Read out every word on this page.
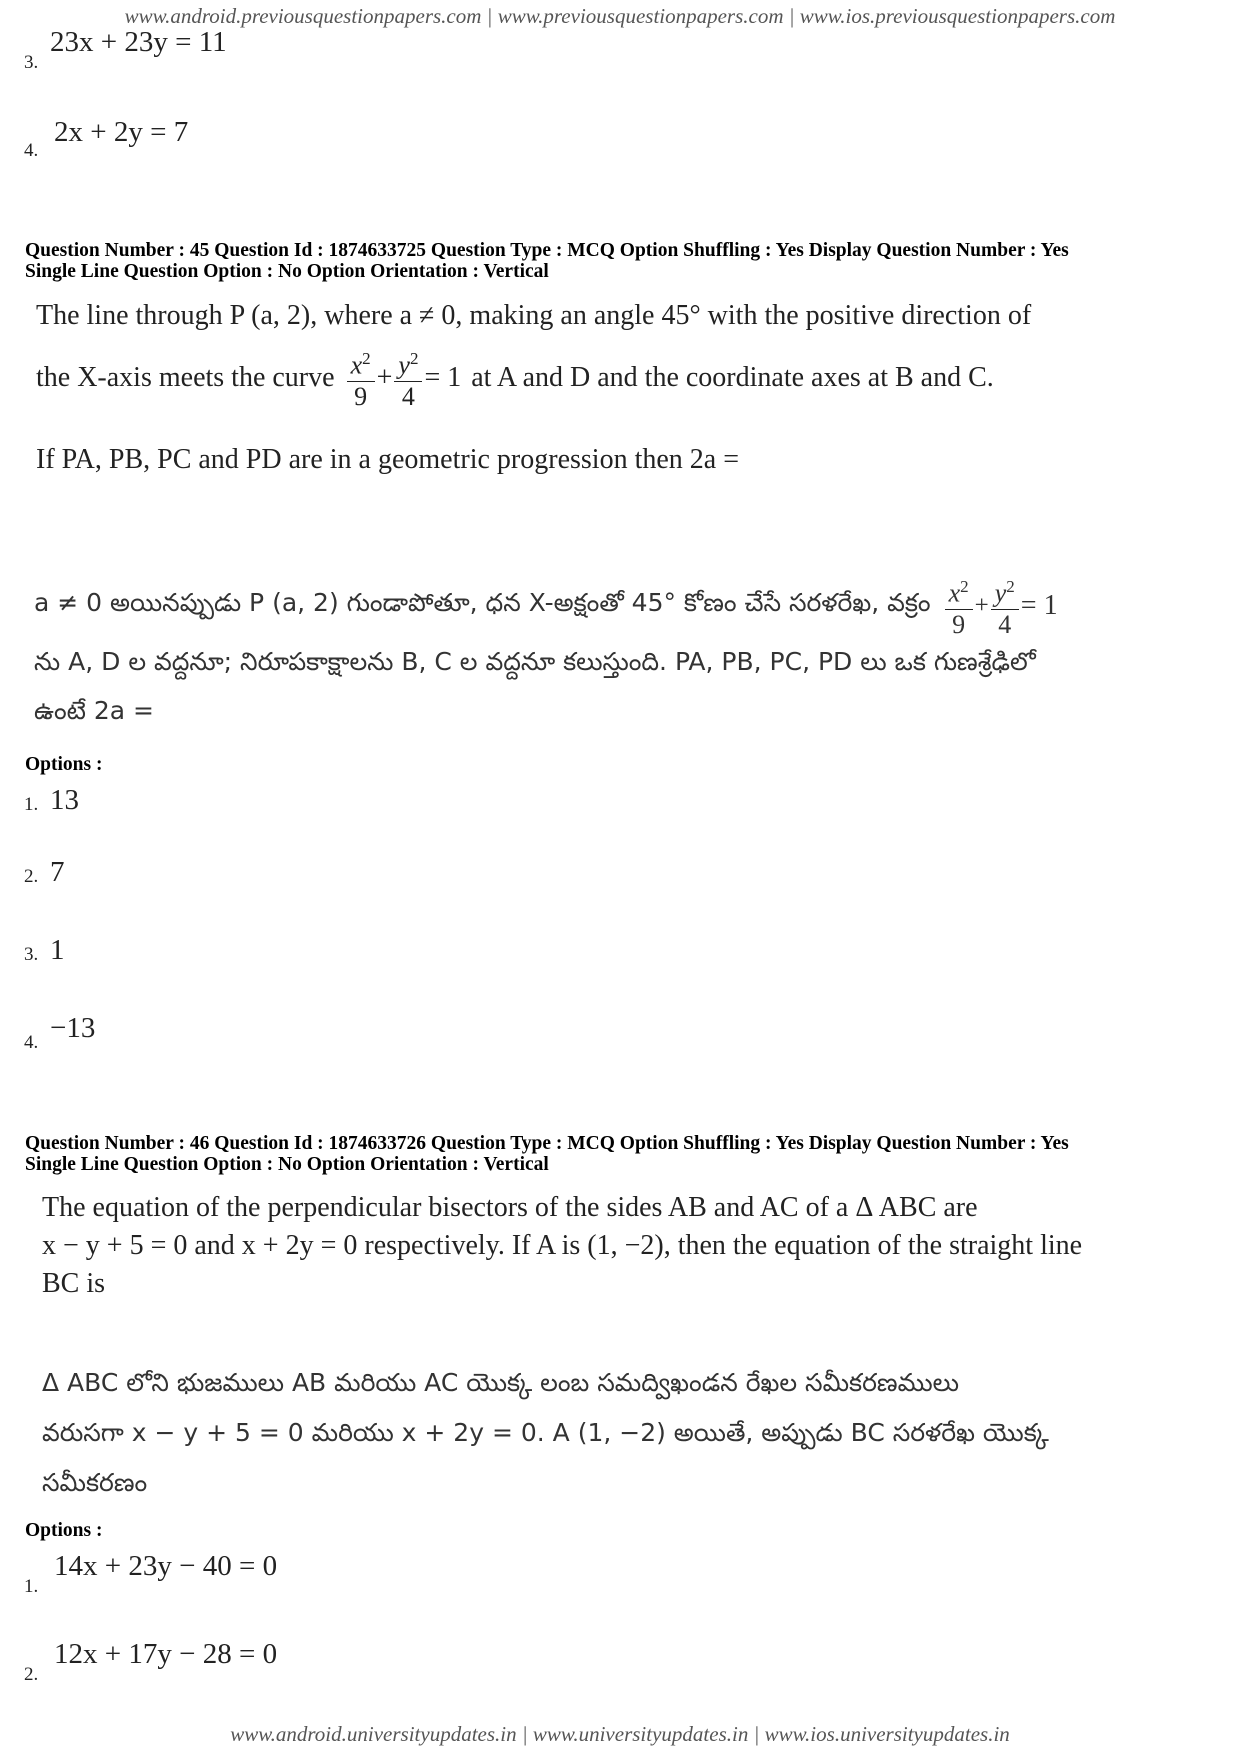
www.android.previousquestionpapers.com | www.previousquestionpapers.com | www.ios.previousquestionpapers.com
3.
23x + 23y = 11
4.
2x + 2y = 7
Question Number : 45 Question Id : 1874633725 Question Type : MCQ Option Shuffling : Yes Display Question Number : Yes
Single Line Question Option : No Option Orientation : Vertical
The line through P (a, 2), where a ≠ 0, making an angle 45° with the positive direction of
the X-axis meets the curve $\frac{x^2}{9} + \frac{y^2}{4} = 1$ at A and D and the coordinate axes at B and C.
If PA, PB, PC and PD are in a geometric progression then 2a =
a ≠ 0 అయినప్పుడు P (a, 2) గుండాపోతూ, ధన X-అక్షంతో 45° కోణం చేసే సరళరేఖ, వక్రం $\frac{x^2}{9} + \frac{y^2}{4} = 1$
ను A, D ల వద్దనూ; నిరూపకాక్షాలను B, C ల వద్దనూ కలుస్తుంది. PA, PB, PC, PD లు ఒక గుణశ్రేఢిలో
ఉంటే 2a =
Options :
1. 13
2. 7
3. 1
4. −13
Question Number : 46 Question Id : 1874633726 Question Type : MCQ Option Shuffling : Yes Display Question Number : Yes
Single Line Question Option : No Option Orientation : Vertical
The equation of the perpendicular bisectors of the sides AB and AC of a Δ ABC are
x − y + 5 = 0 and x + 2y = 0 respectively. If A is (1, −2), then the equation of the straight line
BC is
Δ ABC లోని భుజములు AB మరియు AC యొక్క లంబ సమద్విఖండన రేఖల సమీకరణములు
వరుసగా x − y + 5 = 0 మరియు x + 2y = 0. A (1, −2) అయితే, అప్పుడు BC సరళరేఖ యొక్క
సమీకరణం
Options :
1.
14x + 23y − 40 = 0
2.
12x + 17y − 28 = 0
www.android.universityupdates.in | www.universityupdates.in | www.ios.universityupdates.in
